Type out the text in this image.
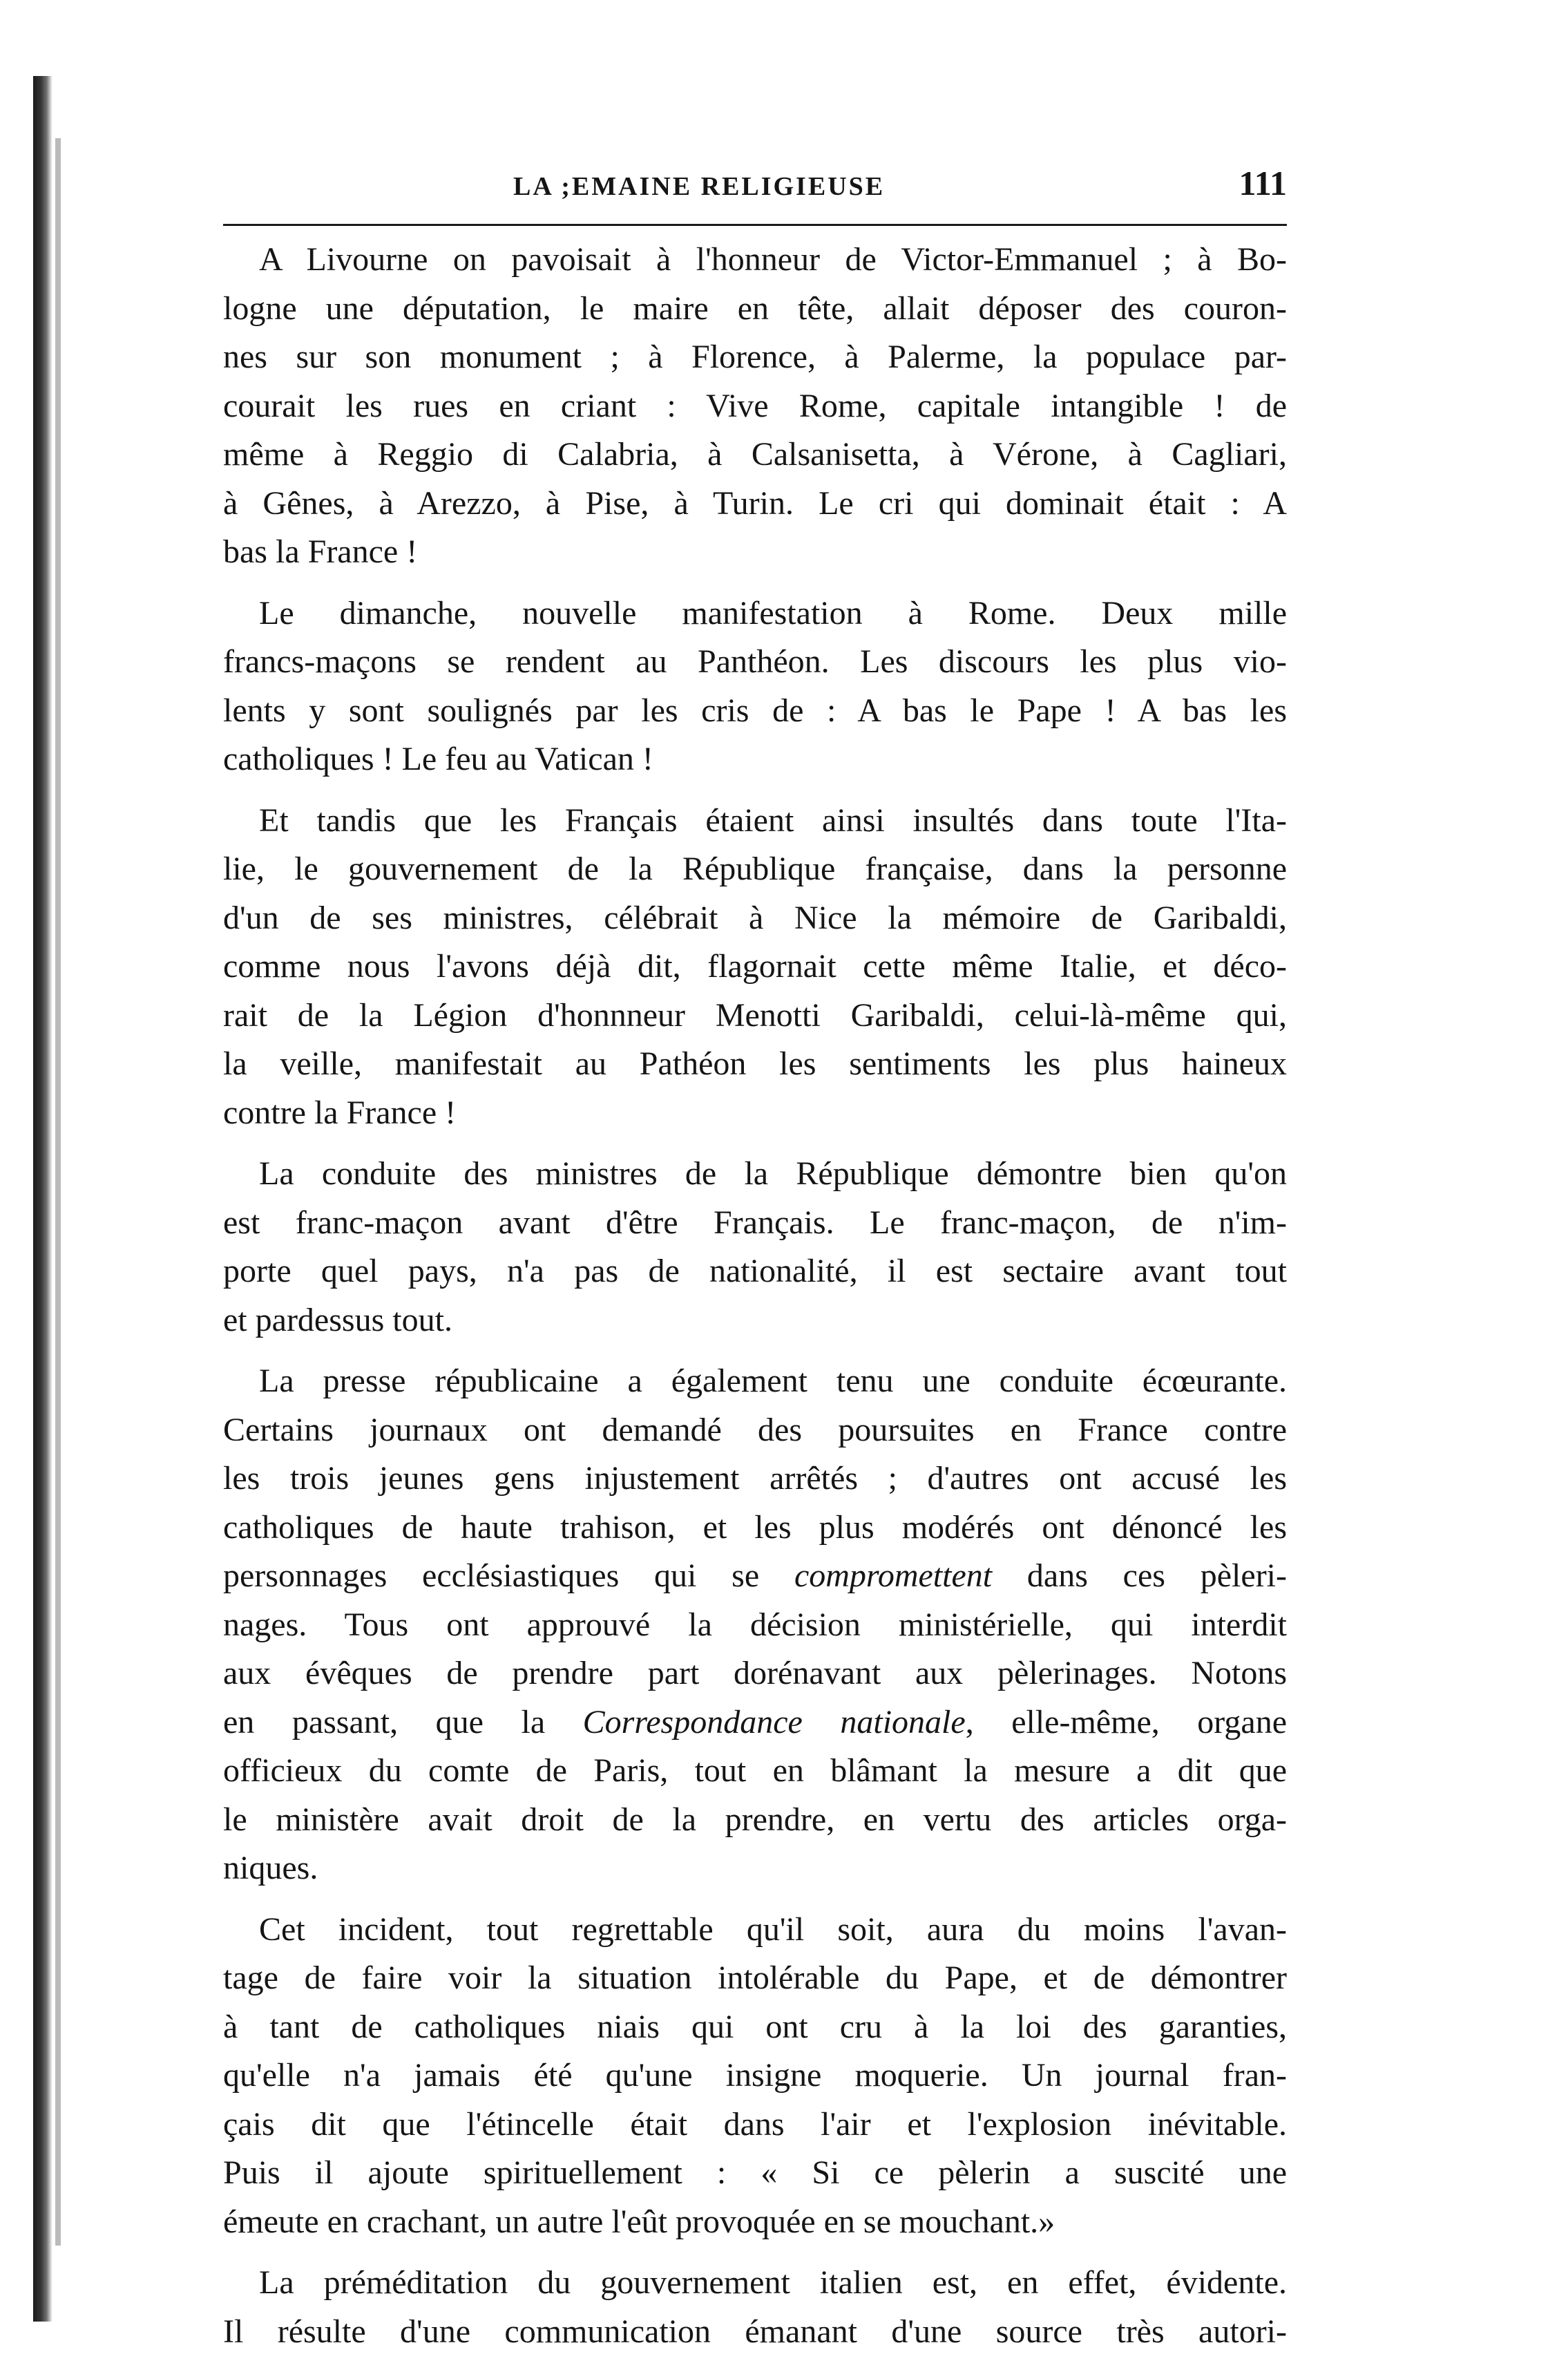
LA ;EMAINE RELIGIEUSE	111
A Livourne on pavoisait à l'honneur de Victor-Emmanuel ; à Bo-
logne une députation, le maire en tête, allait déposer des couron-
nes sur son monument ; à Florence, à Palerme, la populace par-
courait les rues en criant : Vive Rome, capitale intangible ! de
même à Reggio di Calabria, à Calsanisetta, à Vérone, à Cagliari,
à Gênes, à Arezzo, à Pise, à Turin. Le cri qui dominait était : A
bas la France !
Le dimanche, nouvelle manifestation à Rome. Deux mille
francs-maçons se rendent au Panthéon. Les discours les plus vio-
lents y sont soulignés par les cris de : A bas le Pape ! A bas les
catholiques ! Le feu au Vatican !
Et tandis que les Français étaient ainsi insultés dans toute l'Ita-
lie, le gouvernement de la République française, dans la personne
d'un de ses ministres, célébrait à Nice la mémoire de Garibaldi,
comme nous l'avons déjà dit, flagornait cette même Italie, et déco-
rait de la Légion d'honnneur Menotti Garibaldi, celui-là-même qui,
la veille, manifestait au Pathéon les sentiments les plus haineux
contre la France !
La conduite des ministres de la République démontre bien qu'on
est franc-maçon avant d'être Français. Le franc-maçon, de n'im-
porte quel pays, n'a pas de nationalité, il est sectaire avant tout
et pardessus tout.
La presse républicaine a également tenu une conduite écœurante.
Certains journaux ont demandé des poursuites en France contre
les trois jeunes gens injustement arrêtés ; d'autres ont accusé les
catholiques de haute trahison, et les plus modérés ont dénoncé les
personnages ecclésiastiques qui se compromettent dans ces pèleri-
nages. Tous ont approuvé la décision ministérielle, qui interdit
aux évêques de prendre part dorénavant aux pèlerinages. Notons
en passant, que la Correspondance nationale, elle-même, organe
officieux du comte de Paris, tout en blâmant la mesure a dit que
le ministère avait droit de la prendre, en vertu des articles orga-
niques.
Cet incident, tout regrettable qu'il soit, aura du moins l'avan-
tage de faire voir la situation intolérable du Pape, et de démontrer
à tant de catholiques niais qui ont cru à la loi des garanties,
qu'elle n'a jamais été qu'une insigne moquerie. Un journal fran-
çais dit que l'étincelle était dans l'air et l'explosion inévitable.
Puis il ajoute spirituellement : « Si ce pèlerin a suscité une
émeute en crachant, un autre l'eût provoquée en se mouchant.»
La préméditation du gouvernement italien est, en effet, évidente.
Il résulte d'une communication émanant d'une source très autori-
